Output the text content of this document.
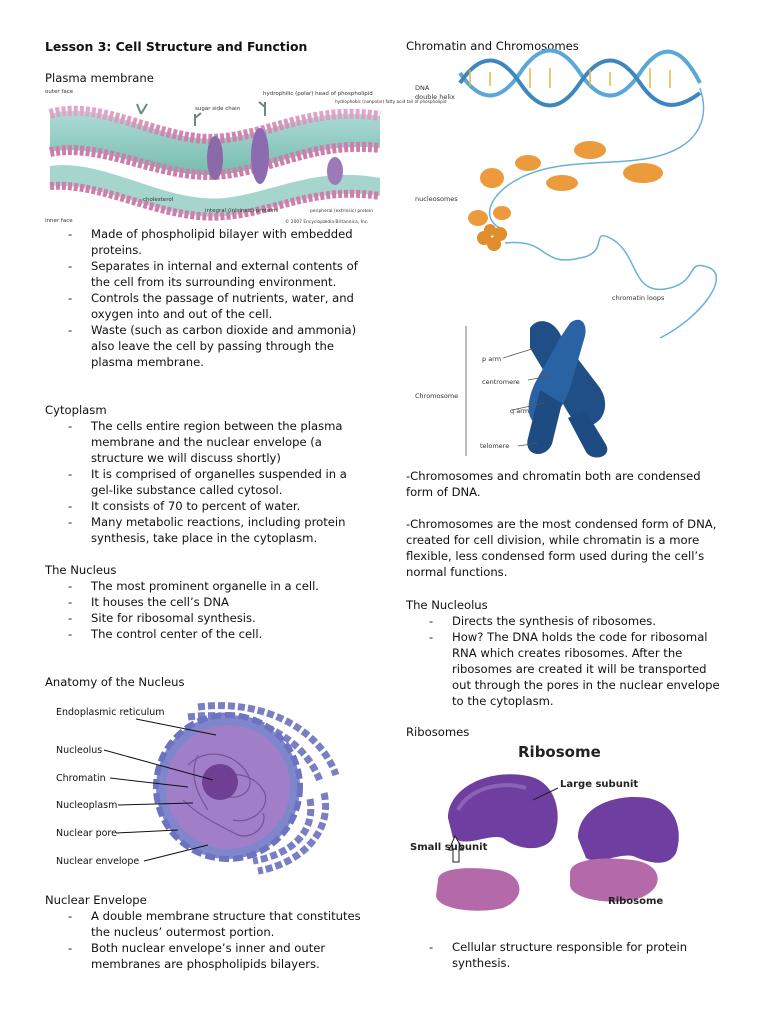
Lesson 3: Cell Structure and Function
Plasma membrane
outer face
inner face
sugar side chain
hydrophilic (polar) head of phospholipid
hydrophobic (nonpolar) fatty acid tail of phospholipid
cholesterol
integral (intrinsic) proteins	peripheral (extrinsic) protein
© 2007 Encyclopædia Britannica, Inc.
- Made of phospholipid bilayer with embedded proteins.
- Separates in internal and external contents of the cell from its surrounding environment.
- Controls the passage of nutrients, water, and oxygen into and out of the cell.
- Waste (such as carbon dioxide and ammonia) also leave the cell by passing through the plasma membrane.
Cytoplasm
- The cells entire region between the plasma membrane and the nuclear envelope (a structure we will discuss shortly)
- It is comprised of organelles suspended in a gel-like substance called cytosol.
- It consists of 70 to percent of water.
- Many metabolic reactions, including protein synthesis, take place in the cytoplasm.
The Nucleus
- The most prominent organelle in a cell.
- It houses the cell’s DNA
- Site for ribosomal synthesis.
- The control center of the cell.
Anatomy of the Nucleus
Endoplasmic reticulum
Nucleolus
Chromatin
Nucleoplasm
Nuclear pore
Nuclear envelope
Nuclear Envelope
- A double membrane structure that constitutes the nucleus’ outermost portion.
- Both nuclear envelope’s inner and outer membranes are phospholipids bilayers.
Chromatin and Chromosomes
DNA
double helix
nucleosomes
chromatin loops
Chromosome
p arm
centromere
q arm
telomere

-Chromosomes and chromatin both are condensed form of DNA.

-Chromosomes are the most condensed form of DNA, created for cell division, while chromatin is a more flexible, less condensed form used during the cell’s normal functions.

The Nucleolus
- Directs the synthesis of ribosomes.
- How? The DNA holds the code for ribosomal RNA which creates ribosomes. After the ribosomes are created it will be transported out through the pores in the nuclear envelope to the cytoplasm.
Ribosomes
Ribosome
Large subunit
Small subunit
Ribosome
- Cellular structure responsible for protein synthesis.
